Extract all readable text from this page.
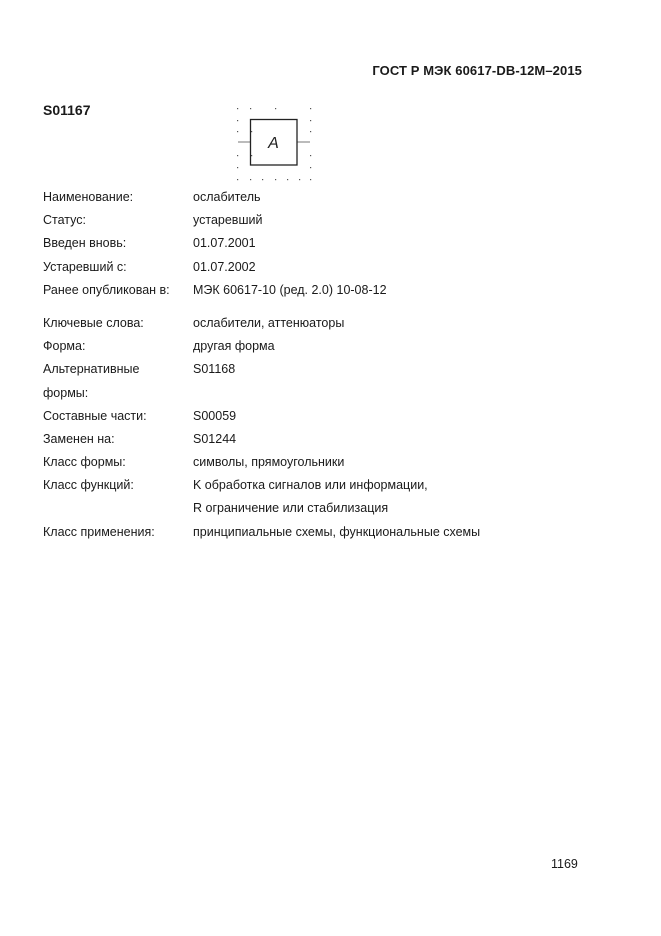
ГОСТ Р МЭК 60617-DB-12M–2015
S01167
A
Наименование:	ослабитель
Статус:	устаревший
Введен вновь:	01.07.2001
Устаревший с:	01.07.2002
Ранее опубликован в:	МЭК 60617-10 (ред. 2.0) 10-08-12
Ключевые слова:	ослабители, аттенюаторы
Форма:	другая форма
Альтернативные	S01168
формы:
Составные части:	S00059
Заменен на:	S01244
Класс формы:	символы, прямоугольники
Класс функций:	K обработка сигналов или информации,
R ограничение или стабилизация
Класс применения:	принципиальные схемы, функциональные схемы
1169
